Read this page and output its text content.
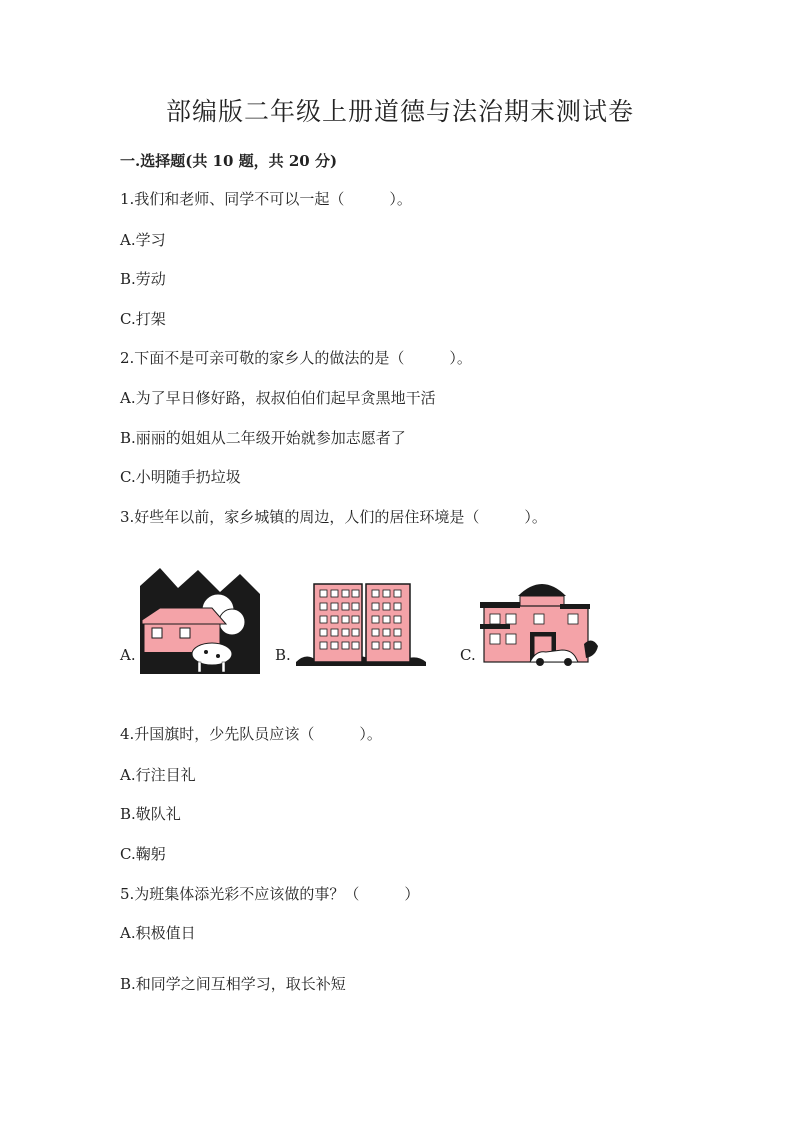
部编版二年级上册道德与法治期末测试卷
一.选择题(共 10 题，共 20 分)
1.我们和老师、同学不可以一起（　　　）。
A.学习
B.劳动
C.打架
2.下面不是可亲可敬的家乡人的做法的是（　　　）。
A.为了早日修好路，叔叔伯伯们起早贪黑地干活
B.丽丽的姐姐从二年级开始就参加志愿者了
C.小明随手扔垃圾
3.好些年以前，家乡城镇的周边，人们的居住环境是（　　　）。
A.	B.	C.
4.升国旗时，少先队员应该（　　　）。
A.行注目礼
B.敬队礼
C.鞠躬
5.为班集体添光彩不应该做的事？（　　　）
A.积极值日
B.和同学之间互相学习，取长补短
